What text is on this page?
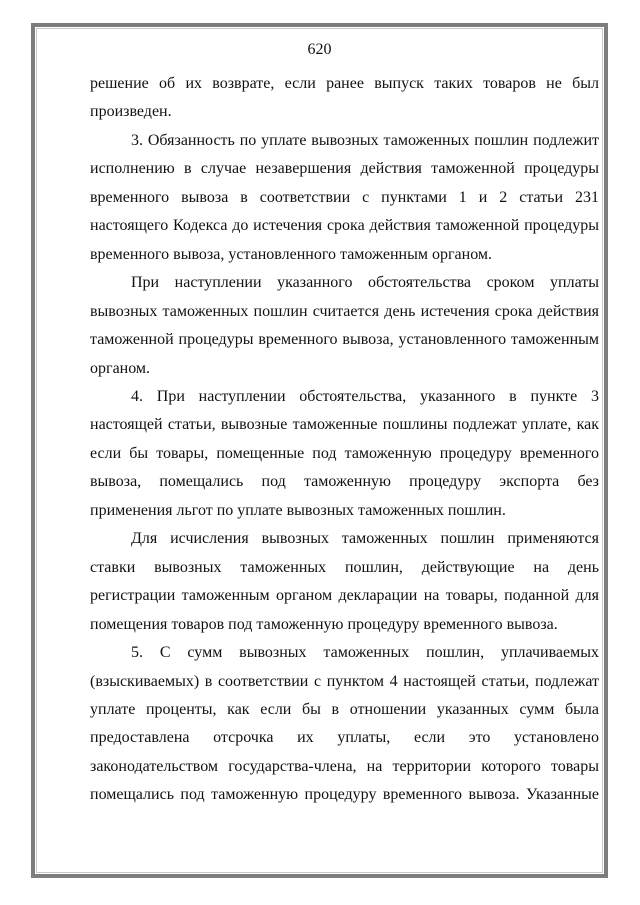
620

решение об их возврате, если ранее выпуск таких товаров не был произведен.

3. Обязанность по уплате вывозных таможенных пошлин подлежит исполнению в случае незавершения действия таможенной процедуры временного вывоза в соответствии с пунктами 1 и 2 статьи 231 настоящего Кодекса до истечения срока действия таможенной процедуры временного вывоза, установленного таможенным органом.

При наступлении указанного обстоятельства сроком уплаты вывозных таможенных пошлин считается день истечения срока действия таможенной процедуры временного вывоза, установленного таможенным органом.

4. При наступлении обстоятельства, указанного в пункте 3 настоящей статьи, вывозные таможенные пошлины подлежат уплате, как если бы товары, помещенные под таможенную процедуру временного вывоза, помещались под таможенную процедуру экспорта без применения льгот по уплате вывозных таможенных пошлин.

Для исчисления вывозных таможенных пошлин применяются ставки вывозных таможенных пошлин, действующие на день регистрации таможенным органом декларации на товары, поданной для помещения товаров под таможенную процедуру временного вывоза.

5. С сумм вывозных таможенных пошлин, уплачиваемых (взыскиваемых) в соответствии с пунктом 4 настоящей статьи, подлежат уплате проценты, как если бы в отношении указанных сумм была предоставлена отсрочка их уплаты, если это установлено законодательством государства-члена, на территории которого товары помещались под таможенную процедуру временного вывоза. Указанные
